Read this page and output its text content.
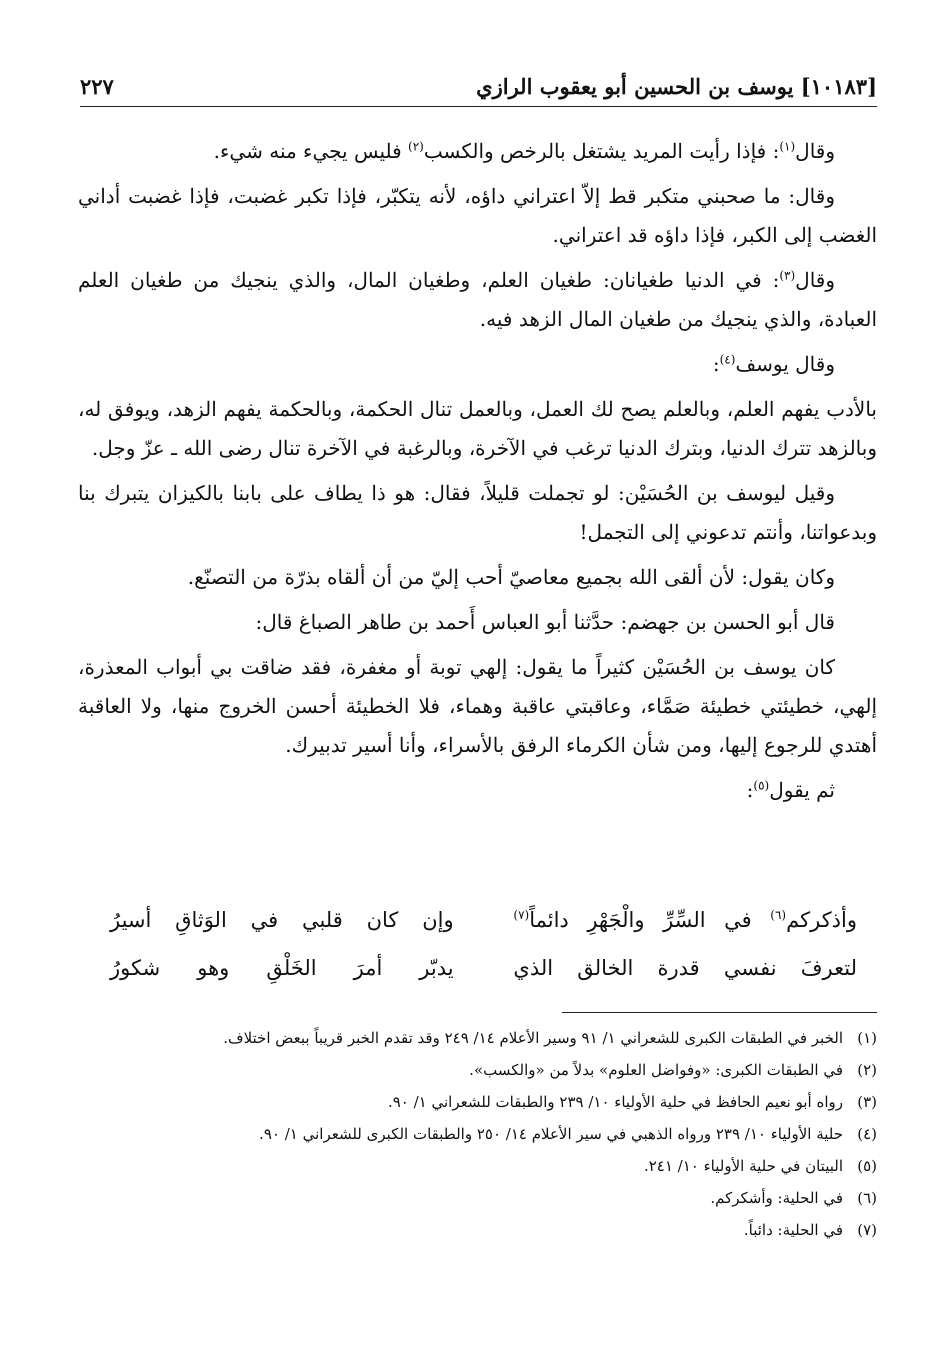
[١٠١٨٣] يوسف بن الحسين أبو يعقوب الرازي
٢٢٧

وقال$^{(١)}$: فإذا رأيت المريد يشتغل بالرخص والكسب$^{(٢)}$ فليس يجيء منه شيء.

وقال: ما صحبني متكبر قط إلاّ اعتراني داؤه، لأنه يتكبّر، فإذا تكبر غضبت، فإذا غضبت أداني الغضب إلى الكبر، فإذا داؤه قد اعتراني.

وقال$^{(٣)}$: في الدنيا طغيانان: طغيان العلم، وطغيان المال، والذي ينجيك من طغيان العلم العبادة، والذي ينجيك من طغيان المال الزهد فيه.

وقال يوسف$^{(٤)}$:

بالأدب يفهم العلم، وبالعلم يصح لك العمل، وبالعمل تنال الحكمة، وبالحكمة يفهم الزهد، ويوفق له، وبالزهد تترك الدنيا، وبترك الدنيا ترغب في الآخرة، وبالرغبة في الآخرة تنال رضى الله ـ عزّ وجل.

وقيل ليوسف بن الحُسَيْن: لو تجملت قليلاً، فقال: هو ذا يطاف على بابنا بالكيزان يتبرك بنا وبدعواتنا، وأنتم تدعوني إلى التجمل!

وكان يقول: لأن ألقى الله بجميع معاصيّ أحب إليّ من أن ألقاه بذرّة من التصنّع.

قال أبو الحسن بن جهضم: حدَّثنا أبو العباس أَحمد بن طاهر الصباغ قال:

كان يوسف بن الحُسَيْن كثيراً ما يقول: إلهي توبة أو مغفرة، فقد ضاقت بي أبواب المعذرة، إلهي، خطيئتي خطيئة صَمَّاء، وعاقبتي عاقبة وهماء، فلا الخطيئة أحسن الخروج منها، ولا العاقبة أهتدي للرجوع إليها، ومن شأن الكرماء الرفق بالأسراء، وأنا أسير تدبيرك.

ثم يقول$^{(٥)}$:

وأذكركم$^{(٦)}$ في السِّرِّ والْجَهْرِ دائماً$^{(٧)}$
وإن كان قلبي في الوَثاقِ أسيرُ
لتعرفَ نفسي قدرة الخالق الذي
يدبّر أمرَ الخَلْقِ وهو شكورُ
(١)
الخبر في الطبقات الكبرى للشعراني ١/ ٩١ وسير الأعلام ١٤/ ٢٤٩ وقد تقدم الخبر قريباً ببعض اختلاف.
(٢)
في الطبقات الكبرى: «وفواضل العلوم» بدلاً من «والكسب».
(٣)
رواه أبو نعيم الحافظ في حلية الأولياء ١٠/ ٢٣٩ والطبقات للشعراني ١/ ٩٠.
(٤)
حلية الأولياء ١٠/ ٢٣٩ ورواه الذهبي في سير الأعلام ١٤/ ٢٥٠ والطبقات الكبرى للشعراني ١/ ٩٠.
(٥)
البيتان في حلية الأولياء ١٠/ ٢٤١.
(٦)
في الحلية: وأشكركم.
(٧)
في الحلية: دائباً.
